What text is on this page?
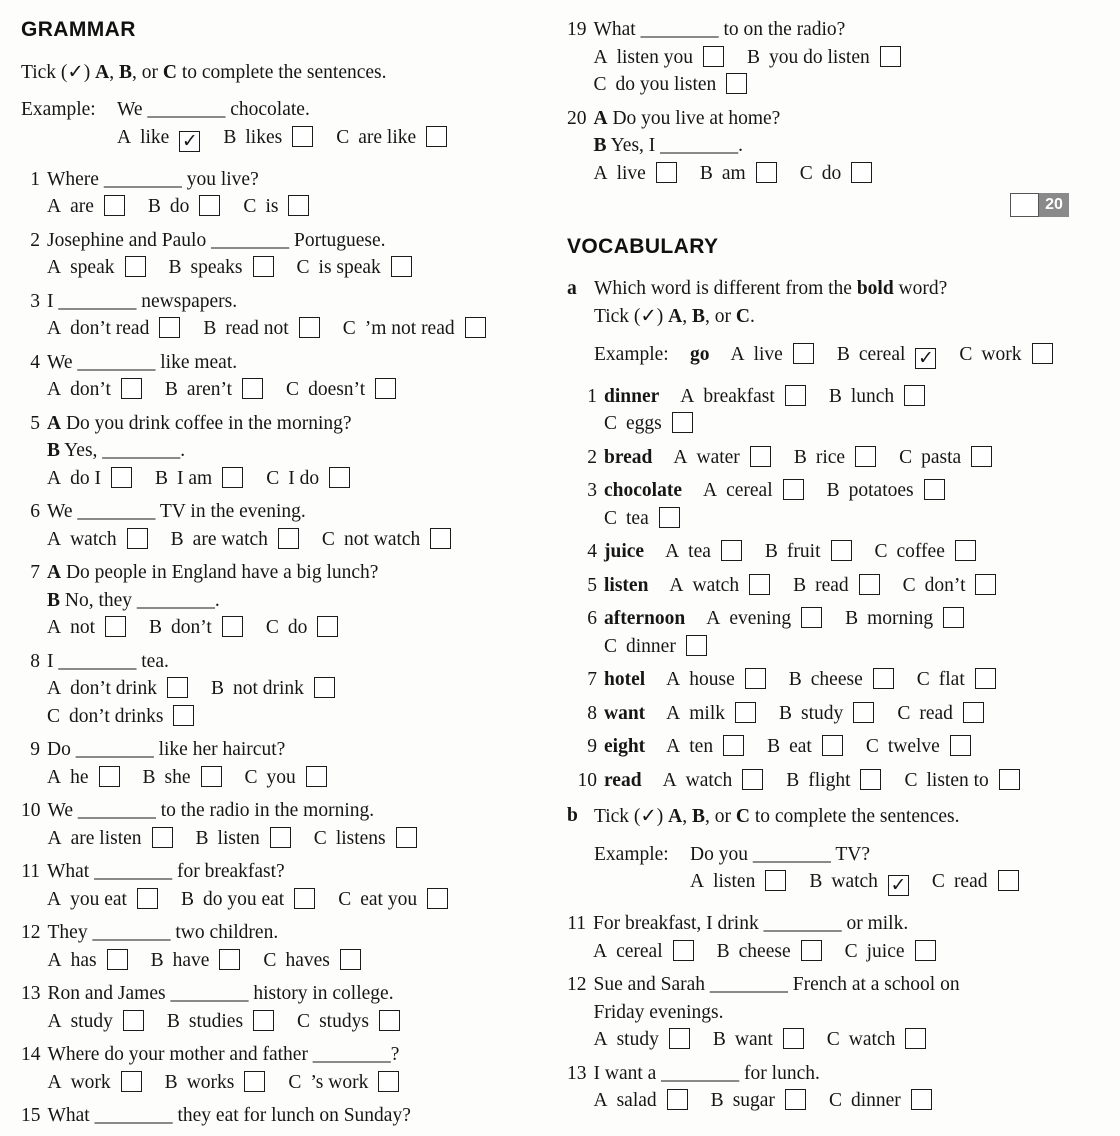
GRAMMAR
Tick (✓) A, B, or C to complete the sentences.
Example:	We ________ chocolate.
A like ✓ B likes	C are like
1 Where ________ you live?
A are	B do	C is
2 Josephine and Paulo ________ Portuguese.
A speak	B speaks	C is speak
3 I ________ newspapers.
A don’t read	B read not	C ’m not read
4 We ________ like meat.
A don’t	B aren’t	C doesn’t
5 A Do you drink coffee in the morning?
B Yes, ________.
A do I	B I am	C I do
6 We ________ TV in the evening.
A watch	B are watch	C not watch
7 A Do people in England have a big lunch?
B No, they ________.
A not	B don’t	C do
8 I ________ tea.
A don’t drink	B not drink
C don’t drinks
9 Do ________ like her haircut?
A he	B she	C you
10 We ________ to the radio in the morning.
A are listen	B listen	C listens
11 What ________ for breakfast?
A you eat	B do you eat	C eat you
12 They ________ two children.
A has	B have	C haves
13 Ron and James ________ history in college.
A study	B studies	C studys
14 Where do your mother and father ________?
A work	B works	C ’s work
15 What ________ they eat for lunch on Sunday?
19 What ________ to on the radio?
A listen you	B you do listen
C do you listen
20 A Do you live at home?
B Yes, I ________.
A live	B am	C do
20
VOCABULARY
a Which word is different from the bold word?
Tick (✓) A, B, or C.
Example:	go A live	B cereal ✓ C work
1 dinner A breakfast	B lunch
C eggs
2 bread A water	B rice	C pasta
3 chocolate A cereal	B potatoes
C tea
4 juice A tea	B fruit	C coffee
5 listen A watch	B read	C don’t
6 afternoon A evening	B morning
C dinner
7 hotel A house	B cheese	C flat
8 want A milk	B study	C read
9 eight A ten	B eat	C twelve
10 read A watch	B flight	C listen to
b Tick (✓) A, B, or C to complete the sentences.
Example:	Do you ________ TV?
A listen	B watch ✓ C read
11 For breakfast, I drink ________ or milk.
A cereal	B cheese	C juice
12 Sue and Sarah ________ French at a school on
Friday evenings.
A study	B want	C watch
13 I want a ________ for lunch.
A salad	B sugar	C dinner
